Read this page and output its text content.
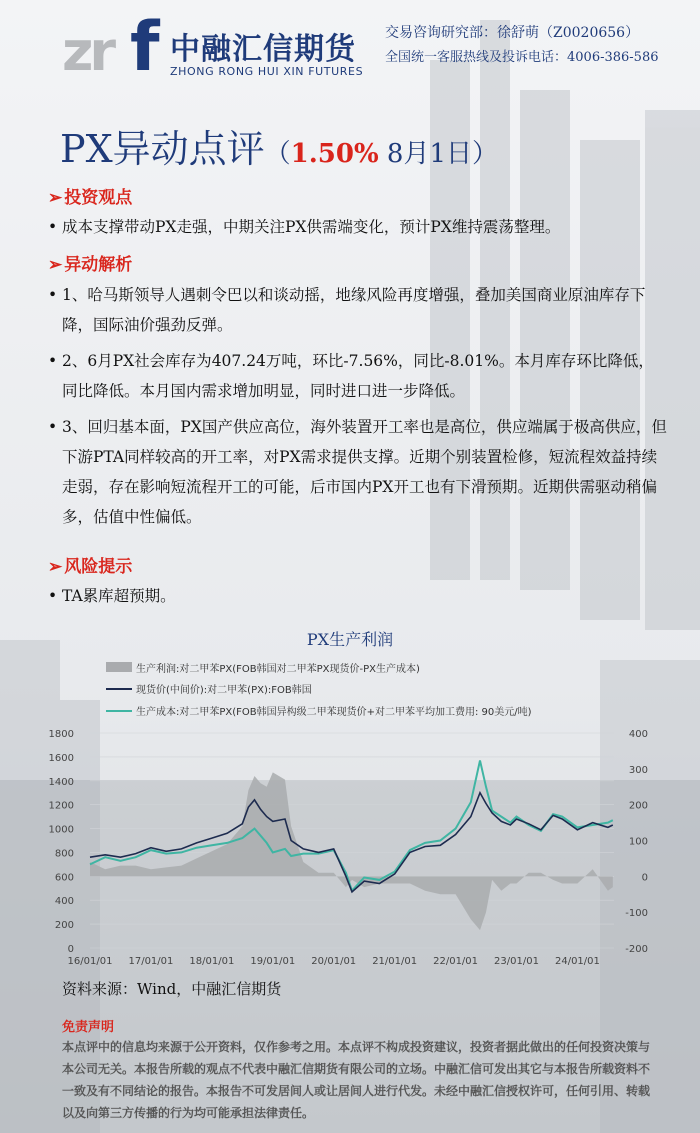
zr f 中融汇信期货
ZHONG RONG HUI XIN FUTURES
交易咨询研究部：徐舒萌（Z0020656）
全国统一客服热线及投诉电话：4006-386-586
PX异动点评（1.50% 8月1日）
➢ 投资观点
• 成本支撑带动PX走强，中期关注PX供需端变化，预计PX维持震荡整理。
➢ 异动解析
• 1、哈马斯领导人遇刺令巴以和谈动摇，地缘风险再度增强，叠加美国商业原油库存下降，国际油价强劲反弹。
• 2、6月PX社会库存为407.24万吨，环比-7.56%，同比-8.01%。本月库存环比降低，同比降低。本月国内需求增加明显，同时进口进一步降低。
• 3、回归基本面，PX国产供应高位，海外装置开工率也是高位，供应端属于极高供应，但下游PTA同样较高的开工率，对PX需求提供支撑。近期个别装置检修，短流程效益持续走弱，存在影响短流程开工的可能，后市国内PX开工也有下滑预期。近期供需驱动稍偏多，估值中性偏低。
➢ 风险提示
• TA累库超预期。
PX生产利润
生产利润:对二甲苯PX(FOB韩国对二甲苯PX现货价-PX生产成本)
现货价(中间价):对二甲苯(PX):FOB韩国
生产成本:对二甲苯PX(FOB韩国异构级二甲苯现货价+对二甲苯平均加工费用: 90美元/吨)
0
200
400
600
800
1000
1200
1400
1600
1800
-200
-100
0
100
200
300
400
16/01/01 17/01/01 18/01/01 19/01/01 20/01/01 21/01/01 22/01/01 23/01/01 24/01/01
资料来源：Wind，中融汇信期货
免责声明
本点评中的信息均来源于公开资料，仅作参考之用。本点评不构成投资建议，投资者据此做出的任何投资决策与本公司无关。本报告所载的观点不代表中融汇信期货有限公司的立场。中融汇信可发出其它与本报告所载资料不一致及有不同结论的报告。本报告不可发居间人或让居间人进行代发。未经中融汇信授权许可，任何引用、转载以及向第三方传播的行为均可能承担法律责任。
